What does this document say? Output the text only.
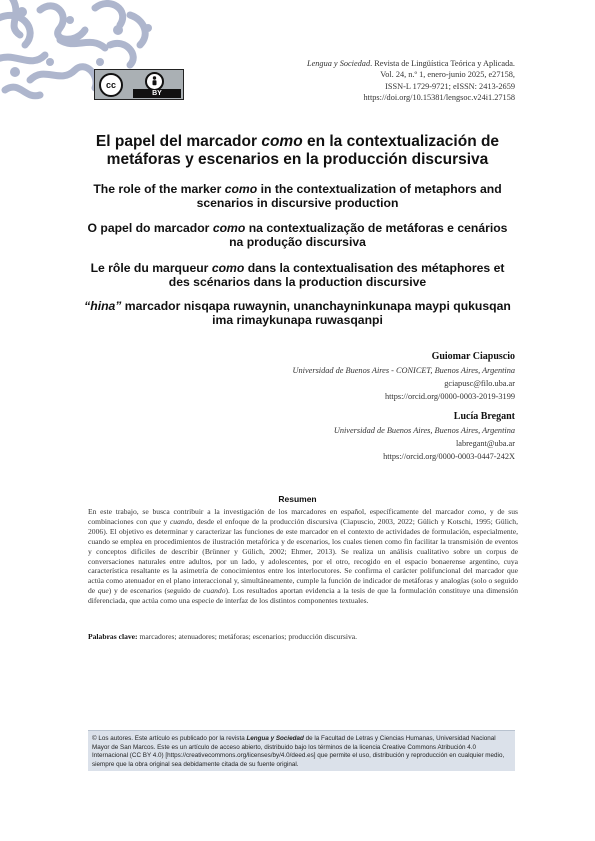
cc
BY
Lengua y Sociedad. Revista de Lingüística Teórica y Aplicada.
Vol. 24, n.º 1, enero-junio 2025, e27158,
ISSN-L 1729-9721; eISSN: 2413-2659
https://doi.org/10.15381/lengsoc.v24i1.27158
El papel del marcador como en la contextualización de metáforas y escenarios en la producción discursiva
The role of the marker como in the contextualization of metaphors and scenarios in discursive production
O papel do marcador como na contextualização de metáforas e cenários na produção discursiva
Le rôle du marqueur como dans la contextualisation des métaphores et des scénarios dans la production discursive
“hina” marcador nisqapa ruwaynin, unanchayninkunapa maypi qukusqan ima rimaykunapa ruwasqanpi
Guiomar Ciapuscio
Universidad de Buenos Aires - CONICET, Buenos Aires, Argentina
gciapusc@filo.uba.ar
https://orcid.org/0000-0003-2019-3199
Lucía Bregant
Universidad de Buenos Aires, Buenos Aires, Argentina
labregant@uba.ar
https://orcid.org/0000-0003-0447-242X
Resumen
En este trabajo, se busca contribuir a la investigación de los marcadores en español, específicamente del marcador como, y de sus combinaciones con que y cuando, desde el enfoque de la producción discursiva (Ciapuscio, 2003, 2022; Gülich y Kotschi, 1995; Gülich, 2006). El objetivo es determinar y caracterizar las funciones de este marcador en el contexto de actividades de formulación, especialmente, cuando se emplea en procedimientos de ilustración metafórica y de escenarios, los cuales tienen como fin facilitar la transmisión de eventos y conceptos difíciles de describir (Brünner y Gülich, 2002; Ehmer, 2013). Se realiza un análisis cualitativo sobre un corpus de conversaciones naturales entre adultos, por un lado, y adolescentes, por el otro, recogido en el espacio bonaerense argentino, cuya característica resaltante es la asimetría de conocimientos entre los interlocutores. Se confirma el carácter polifuncional del marcador que actúa como atenuador en el plano interaccional y, simultáneamente, cumple la función de indicador de metáforas y analogías (solo o seguido de que) y de escenarios (seguido de cuando). Los resultados aportan evidencia a la tesis de que la formulación constituye una dimensión diferenciada, que actúa como una especie de interfaz de los distintos componentes textuales.
Palabras clave: marcadores; atenuadores; metáforas; escenarios; producción discursiva.
© Los autores. Este artículo es publicado por la revista Lengua y Sociedad de la Facultad de Letras y Ciencias Humanas, Universidad Nacional Mayor de San Marcos. Este es un artículo de acceso abierto, distribuido bajo los términos de la licencia Creative Commons Atribución 4.0 Internacional (CC BY 4.0) [https://creativecommons.org/licenses/by/4.0/deed.es] que permite el uso, distribución y reproducción en cualquier medio, siempre que la obra original sea debidamente citada de su fuente original.
